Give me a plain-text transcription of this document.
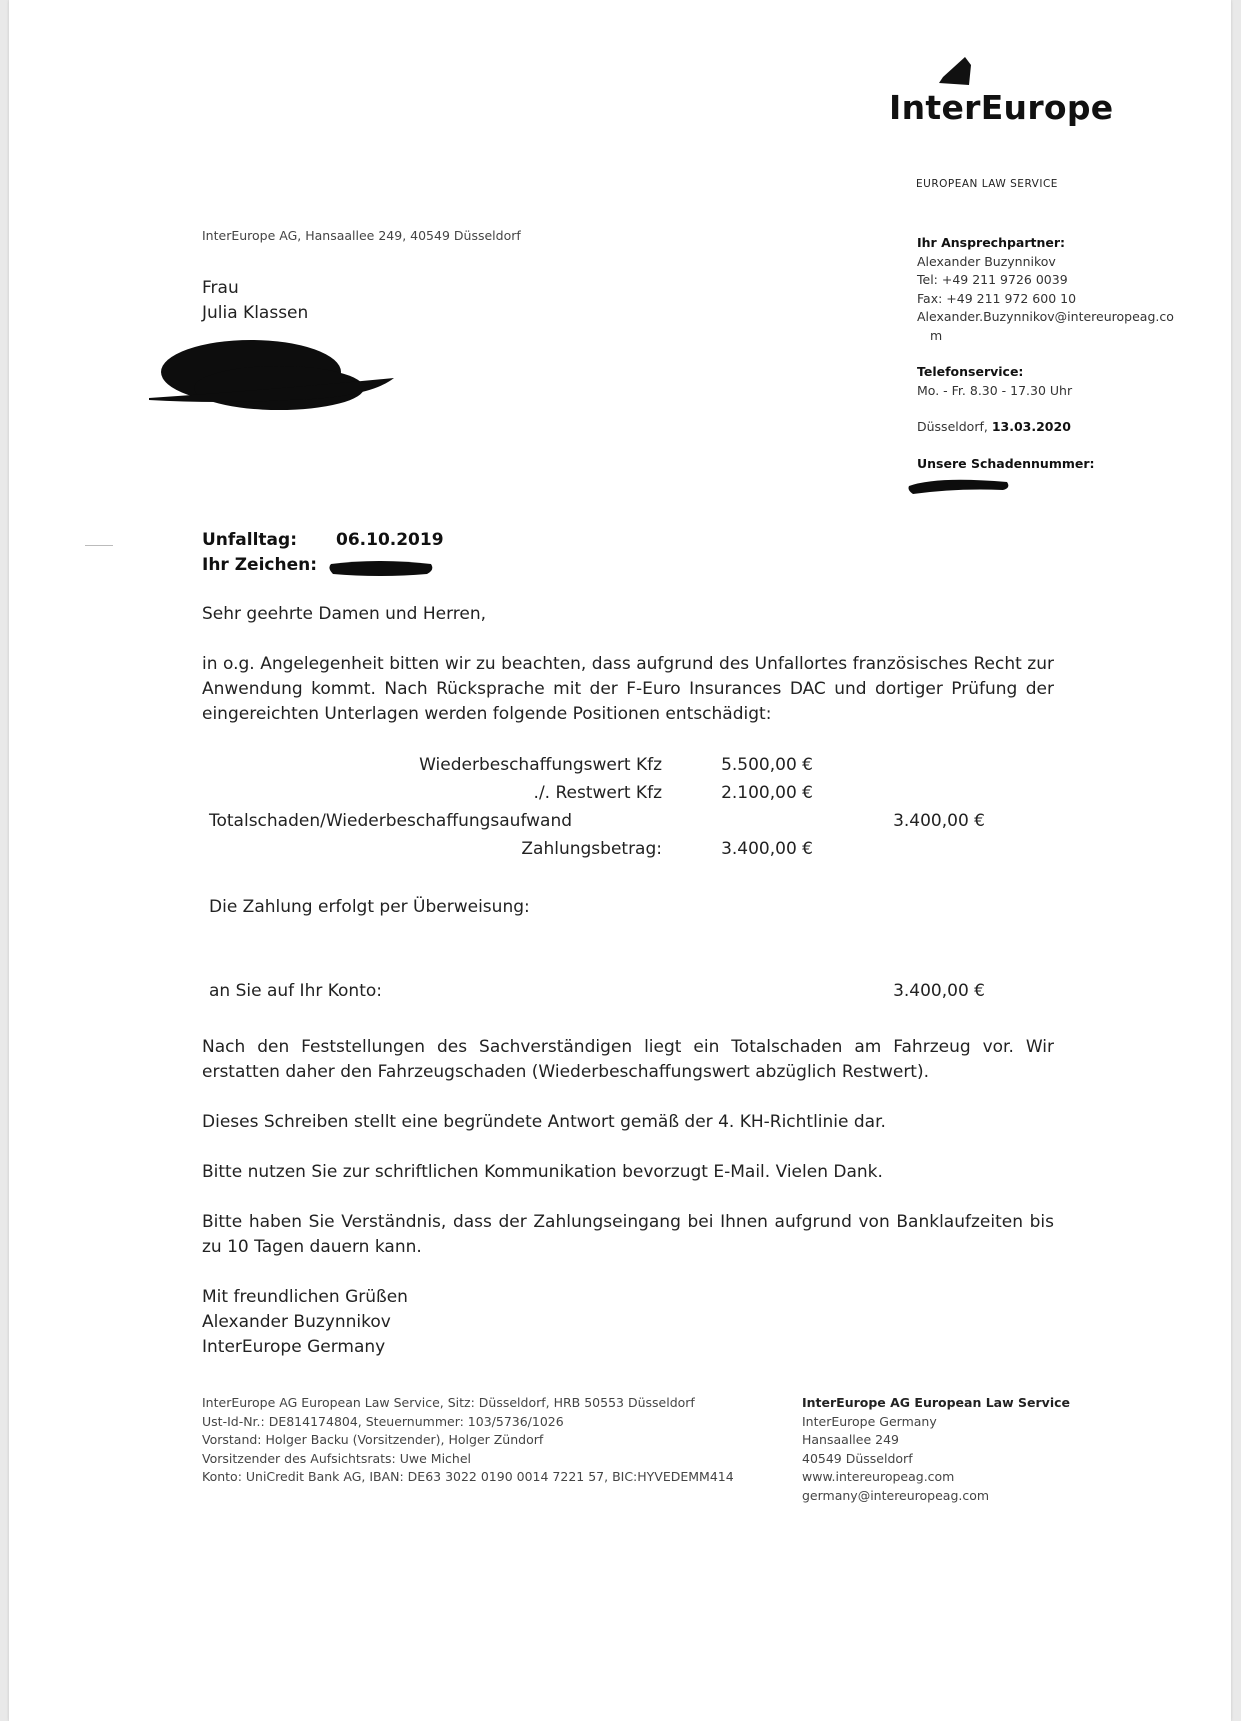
InterEurope
EUROPEAN LAW SERVICE
InterEurope AG, Hansaallee 249, 40549 Düsseldorf
Frau
Julia Klassen
Ihr Ansprechpartner:
Alexander Buzynnikov
Tel: +49 211 9726 0039
Fax: +49 211 972 600 10
Alexander.Buzynnikov@intereuropeag.co
m
Telefonservice:
Mo. - Fr. 8.30 - 17.30 Uhr
Düsseldorf, 13.03.2020
Unsere Schadennummer:
Unfalltag: 06.10.2019
Ihr Zeichen:
Sehr geehrte Damen und Herren,
in o.g. Angelegenheit bitten wir zu beachten, dass aufgrund des Unfallortes französisches Recht zur Anwendung kommt. Nach Rücksprache mit der F-Euro Insurances DAC und dortiger Prüfung der eingereichten Unterlagen werden folgende Positionen entschädigt:
Wiederbeschaffungswert Kfz	5.500,00 €
./. Restwert Kfz	2.100,00 €
Totalschaden/Wiederbeschaffungsaufwand	3.400,00 €
Zahlungsbetrag:	3.400,00 €
Die Zahlung erfolgt per Überweisung:
an Sie auf Ihr Konto:	3.400,00 €
Nach den Feststellungen des Sachverständigen liegt ein Totalschaden am Fahrzeug vor. Wir erstatten daher den Fahrzeugschaden (Wiederbeschaffungswert abzüglich Restwert).
Dieses Schreiben stellt eine begründete Antwort gemäß der 4. KH-Richtlinie dar.
Bitte nutzen Sie zur schriftlichen Kommunikation bevorzugt E-Mail. Vielen Dank.
Bitte haben Sie Verständnis, dass der Zahlungseingang bei Ihnen aufgrund von Banklaufzeiten bis zu 10 Tagen dauern kann.
Mit freundlichen Grüßen
Alexander Buzynnikov
InterEurope Germany
InterEurope AG European Law Service, Sitz: Düsseldorf, HRB 50553 Düsseldorf
Ust-Id-Nr.: DE814174804, Steuernummer: 103/5736/1026
Vorstand: Holger Backu (Vorsitzender), Holger Zündorf
Vorsitzender des Aufsichtsrats: Uwe Michel
Konto: UniCredit Bank AG, IBAN: DE63 3022 0190 0014 7221 57, BIC:HYVEDEMM414
InterEurope AG European Law Service
InterEurope Germany
Hansaallee 249
40549 Düsseldorf
www.intereuropeag.com
germany@intereuropeag.com
